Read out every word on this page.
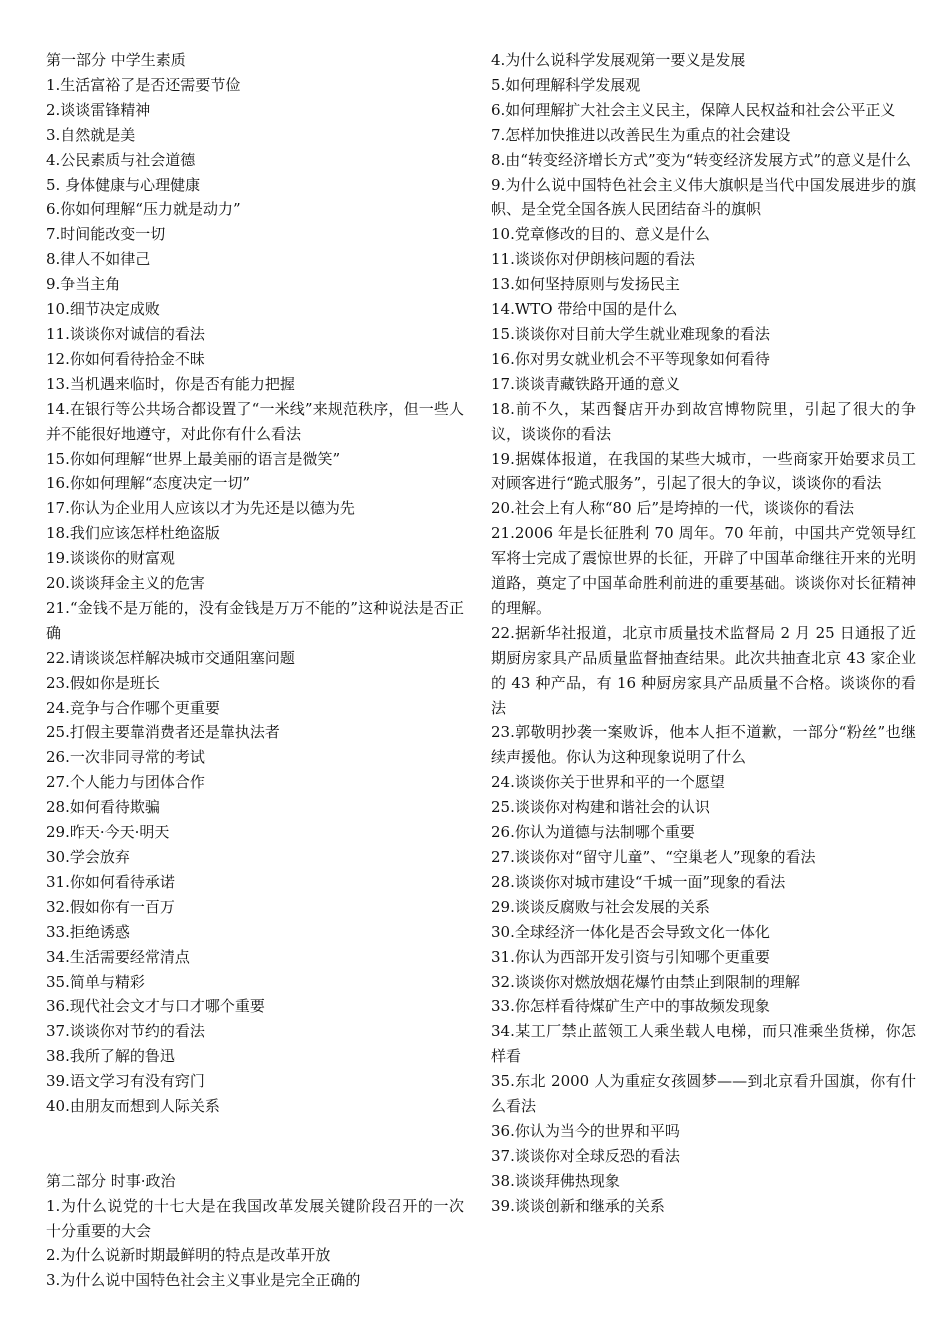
第一部分 中学生素质

1.生活富裕了是否还需要节俭

2.谈谈雷锋精神

3.自然就是美

4.公民素质与社会道德

5. 身体健康与心理健康

6.你如何理解“压力就是动力”

7.时间能改变一切

8.律人不如律己

9.争当主角

10.细节决定成败

11.谈谈你对诚信的看法

12.你如何看待拾金不昧

13.当机遇来临时，你是否有能力把握

14.在银行等公共场合都设置了“一米线”来规范秩序，但一些人并不能很好地遵守，对此你有什么看法

15.你如何理解“世界上最美丽的语言是微笑”

16.你如何理解“态度决定一切”

17.你认为企业用人应该以才为先还是以德为先

18.我们应该怎样杜绝盗版

19.谈谈你的财富观

20.谈谈拜金主义的危害

21.“金钱不是万能的，没有金钱是万万不能的”这种说法是否正确

22.请谈谈怎样解决城市交通阻塞问题

23.假如你是班长

24.竞争与合作哪个更重要

25.打假主要靠消费者还是靠执法者

26.一次非同寻常的考试

27.个人能力与团体合作

28.如何看待欺骗

29.昨天·今天·明天

30.学会放弃

31.你如何看待承诺

32.假如你有一百万

33.拒绝诱惑

34.生活需要经常清点

35.简单与精彩

36.现代社会文才与口才哪个重要

37.谈谈你对节约的看法

38.我所了解的鲁迅

39.语文学习有没有窍门

40.由朋友而想到人际关系

第二部分 时事·政治

1.为什么说党的十七大是在我国改革发展关键阶段召开的一次十分重要的大会

2.为什么说新时期最鲜明的特点是改革开放

3.为什么说中国特色社会主义事业是完全正确的

4.为什么说科学发展观第一要义是发展

5.如何理解科学发展观

6.如何理解扩大社会主义民主，保障人民权益和社会公平正义

7.怎样加快推进以改善民生为重点的社会建设

8.由“转变经济增长方式”变为“转变经济发展方式”的意义是什么

9.为什么说中国特色社会主义伟大旗帜是当代中国发展进步的旗帜、是全党全国各族人民团结奋斗的旗帜

10.党章修改的目的、意义是什么

11.谈谈你对伊朗核问题的看法

13.如何坚持原则与发扬民主

14.WTO 带给中国的是什么

15.谈谈你对目前大学生就业难现象的看法

16.你对男女就业机会不平等现象如何看待

17.谈谈青藏铁路开通的意义

18.前不久，某西餐店开办到故宫博物院里，引起了很大的争议，谈谈你的看法

19.据媒体报道，在我国的某些大城市，一些商家开始要求员工对顾客进行“跪式服务”，引起了很大的争议，谈谈你的看法

20.社会上有人称“80 后”是垮掉的一代，谈谈你的看法

21.2006 年是长征胜利 70 周年。70 年前，中国共产党领导红军将士完成了震惊世界的长征，开辟了中国革命继往开来的光明道路，奠定了中国革命胜利前进的重要基础。谈谈你对长征精神的理解。

22.据新华社报道，北京市质量技术监督局 2 月 25 日通报了近期厨房家具产品质量监督抽查结果。此次共抽查北京 43 家企业的 43 种产品，有 16 种厨房家具产品质量不合格。谈谈你的看法

23.郭敬明抄袭一案败诉，他本人拒不道歉，一部分“粉丝”也继续声援他。你认为这种现象说明了什么

24.谈谈你关于世界和平的一个愿望

25.谈谈你对构建和谐社会的认识

26.你认为道德与法制哪个重要

27.谈谈你对“留守儿童”、“空巢老人”现象的看法

28.谈谈你对城市建设“千城一面”现象的看法

29.谈谈反腐败与社会发展的关系

30.全球经济一体化是否会导致文化一体化

31.你认为西部开发引资与引知哪个更重要

32.谈谈你对燃放烟花爆竹由禁止到限制的理解

33.你怎样看待煤矿生产中的事故频发现象

34.某工厂禁止蓝领工人乘坐载人电梯，而只准乘坐货梯，你怎样看

35.东北 2000 人为重症女孩圆梦——到北京看升国旗，你有什么看法

36.你认为当今的世界和平吗

37.谈谈你对全球反恐的看法

38.谈谈拜佛热现象

39.谈谈创新和继承的关系
